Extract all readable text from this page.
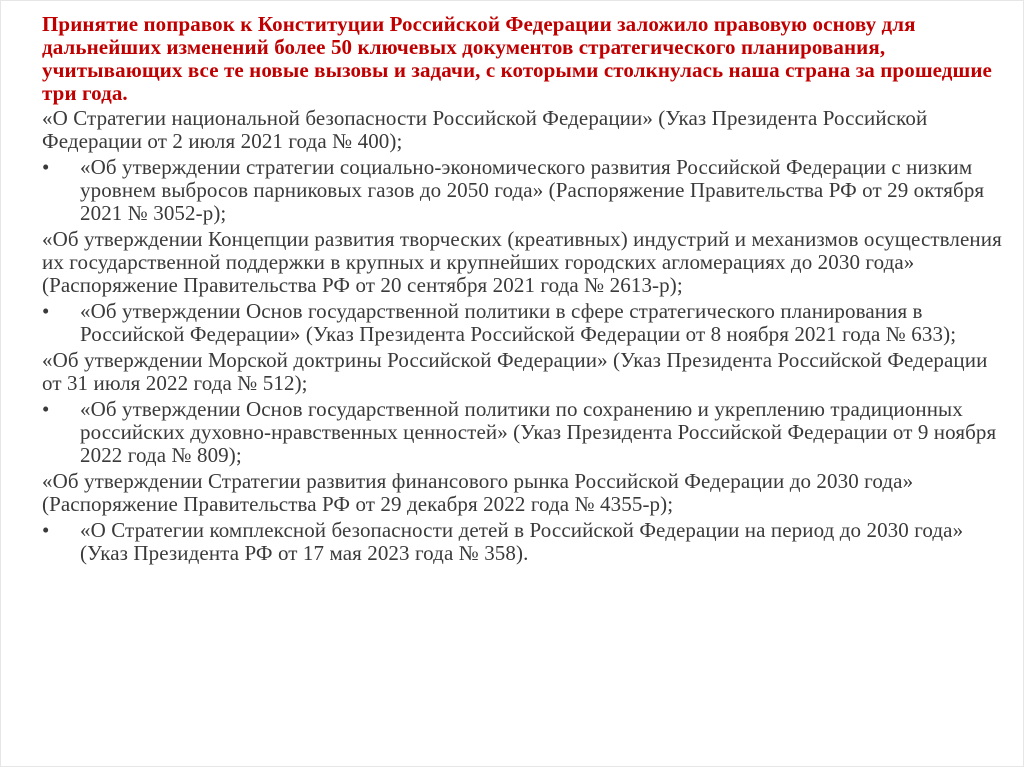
Принятие поправок к Конституции Российской Федерации заложило правовую основу для дальнейших изменений более 50 ключевых документов стратегического планирования, учитывающих все те новые вызовы и задачи, с которыми столкнулась наша страна за прошедшие три года.

«О Стратегии национальной безопасности Российской Федерации» (Указ Президента Российской Федерации от 2 июля 2021 года № 400);
•	«Об утверждении стратегии социально-экономического развития Российской Федерации с низким уровнем выбросов парниковых газов до 2050 года» (Распоряжение Правительства РФ от 29 октября 2021 № 3052-р);
«Об утверждении Концепции развития творческих (креативных) индустрий и механизмов осуществления их государственной поддержки в крупных и крупнейших городских агломерациях до 2030 года» (Распоряжение Правительства РФ от 20 сентября 2021 года № 2613-р);
•	«Об утверждении Основ государственной политики в сфере стратегического планирования в Российской Федерации» (Указ Президента Российской Федерации от 8 ноября 2021 года № 633);
«Об утверждении Морской доктрины Российской Федерации» (Указ Президента Российской Федерации от 31 июля 2022 года № 512);
•	«Об утверждении Основ государственной политики по сохранению и укреплению традиционных российских духовно-нравственных ценностей» (Указ Президента Российской Федерации от 9 ноября 2022 года № 809);
«Об утверждении Стратегии развития финансового рынка Российской Федерации до 2030 года» (Распоряжение Правительства РФ от 29 декабря 2022 года № 4355-р);
•	«О Стратегии комплексной безопасности детей в Российской Федерации на период до 2030 года» (Указ Президента РФ от 17 мая 2023 года № 358).
